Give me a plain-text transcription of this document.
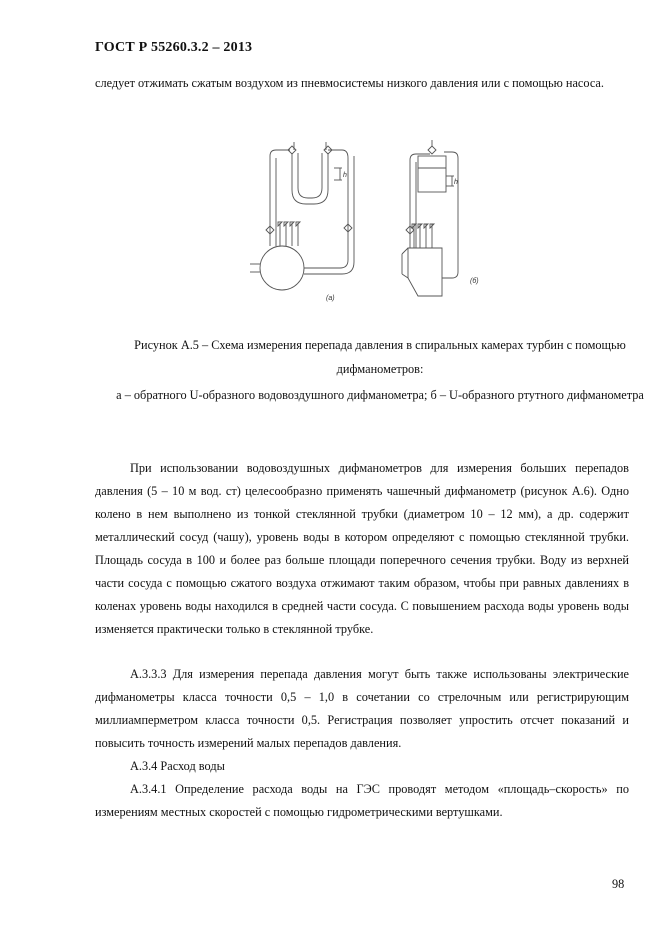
ГОСТ Р 55260.3.2 – 2013
следует отжимать сжатым воздухом из пневмосистемы низкого давления или с помощью насоса.
(а)
(б)
h
h
Рисунок А.5 – Схема измерения перепада давления в спиральных камерах турбин с помощью дифманометров:
а – обратного U-образного водовоздушного дифманометра; б – U-образного ртутного дифманометра
При использовании водовоздушных дифманометров для измерения больших перепадов давления (5 – 10 м вод. ст) целесообразно применять чашечный дифманометр (рисунок А.6). Одно колено в нем выполнено из тонкой стеклянной трубки (диаметром 10 – 12 мм), а др. содержит металлический сосуд (чашу), уровень воды в котором определяют с помощью стеклянной трубки. Площадь сосуда в 100 и более раз больше площади поперечного сечения трубки. Воду из верхней части сосуда с помощью сжатого воздуха отжимают таким образом, чтобы при равных давлениях в коленах уровень воды находился в средней части сосуда. С повышением расхода воды уровень воды изменяется практически только в стеклянной трубке.
А.3.3.3 Для измерения перепада давления могут быть также использованы электрические дифманометры класса точности 0,5 – 1,0 в сочетании со стрелочным или регистрирующим миллиамперметром класса точности 0,5. Регистрация позволяет упростить отсчет показаний и повысить точность измерений малых перепадов давления.
А.3.4 Расход воды
А.3.4.1 Определение расхода воды на ГЭС проводят методом «площадь–скорость» по измерениям местных скоростей с помощью гидрометрическими вертушками.
98
